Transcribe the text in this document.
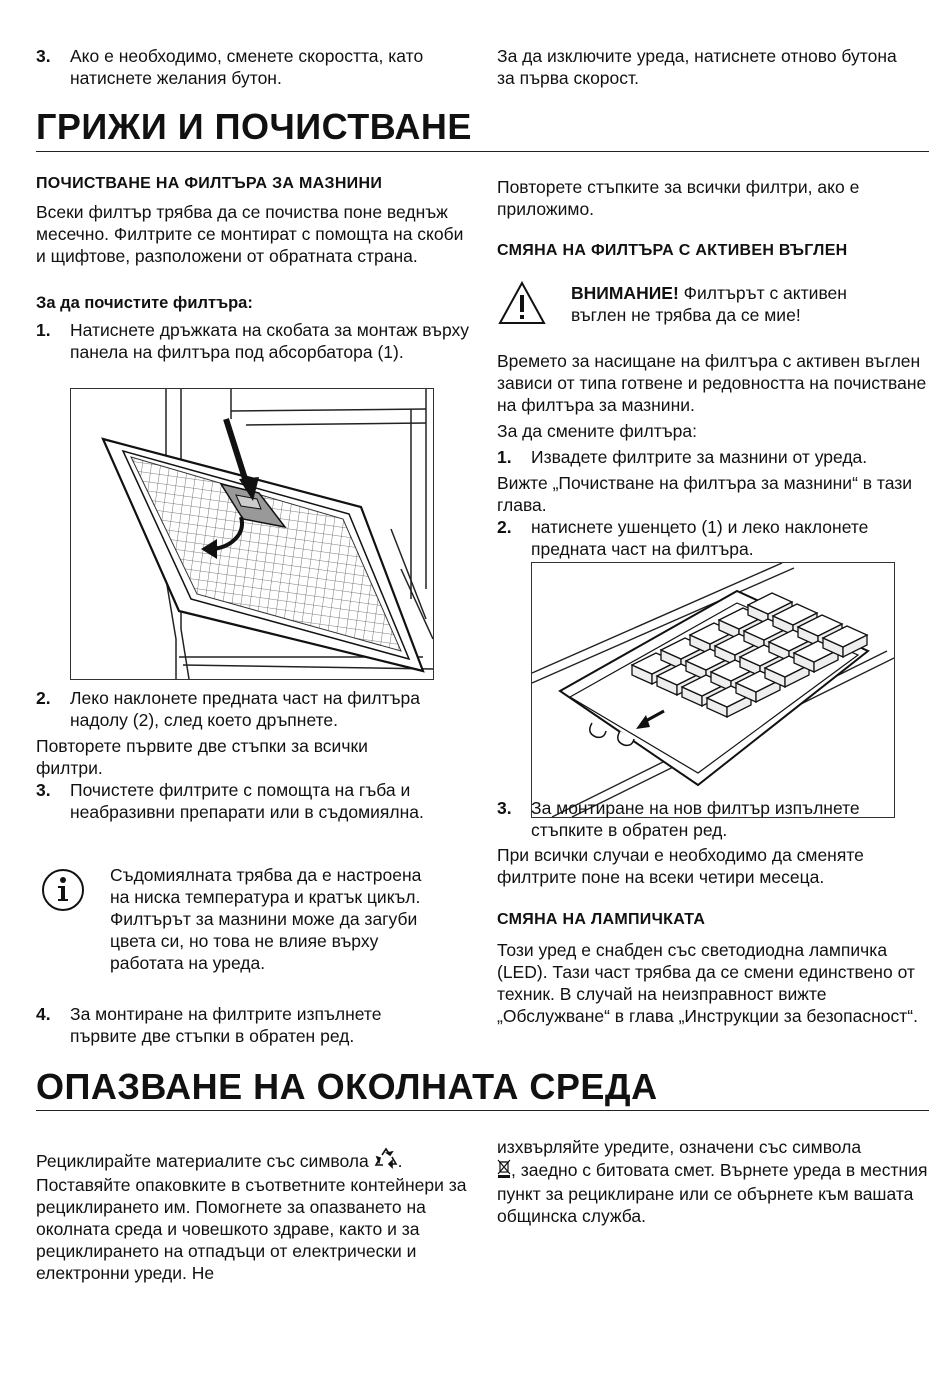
3. Ако е необходимо, сменете скоростта, като натиснете желания бутон.

За да изключите уреда, натиснете отново бутона за първа скорост.

ГРИЖИ И ПОЧИСТВАНЕ

ПОЧИСТВАНЕ НА ФИЛТЪРА ЗА МАЗНИНИ

Всеки филтър трябва да се почиства поне веднъж месечно. Филтрите се монтират с помощта на скоби и щифтове, разположени от обратната страна.

За да почистите филтъра:

1. Натиснете дръжката на скобата за монтаж върху панела на филтъра под абсорбатора (1).

2. Леко наклонете предната част на филтъра надолу (2), след което дръпнете.

Повторете първите две стъпки за всички филтри.

3. Почистете филтрите с помощта на гъба и неабразивни препарати или в съдомиялна.

Съдомиялната трябва да е настроена на ниска температура и кратък цикъл. Филтърът за мазнини може да загуби цвета си, но това не влияе върху работата на уреда.

4. За монтиране на филтрите изпълнете първите две стъпки в обратен ред.

Повторете стъпките за всички филтри, ако е приложимо.

СМЯНА НА ФИЛТЪРА С АКТИВЕН ВЪГЛЕН

ВНИМАНИЕ! Филтърът с активен въглен не трябва да се мие!

Времето за насищане на филтъра с активен въглен зависи от типа готвене и редовността на почистване на филтъра за мазнини.

За да смените филтъра:

1. Извадете филтрите за мазнини от уреда.

Вижте „Почистване на филтъра за мазнини“ в тази глава.

2. натиснете ушенцето (1) и леко наклонете предната част на филтъра.

3. За монтиране на нов филтър изпълнете стъпките в обратен ред.

При всички случаи е необходимо да сменяте филтрите поне на всеки четири месеца.

СМЯНА НА ЛАМПИЧКАТА

Този уред е снабден със светодиодна лампичка (LED). Тази част трябва да се смени единствено от техник. В случай на неизправност вижте „Обслужване“ в глава „Инструкции за безопасност“.

ОПАЗВАНЕ НА ОКОЛНАТА СРЕДА

Рециклирайте материалите със символа . Поставяйте опаковките в съответните контейнери за рециклирането им. Помогнете за опазването на околната среда и човешкото здраве, както и за рециклирането на отпадъци от електрически и електронни уреди. Не

изхвърляйте уредите, означени със символа
, заедно с битовата смет. Върнете уреда в местния пункт за рециклиране или се обърнете към вашата общинска служба.
